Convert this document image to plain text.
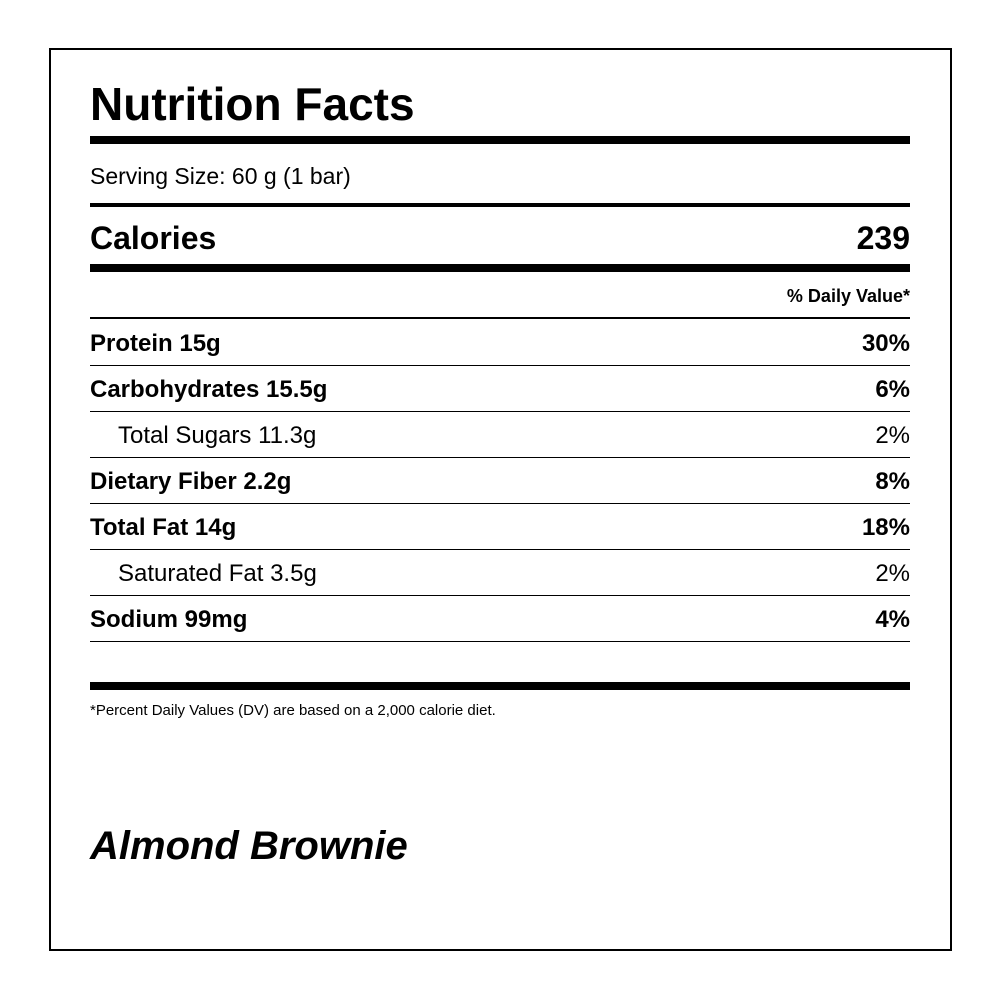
Nutrition Facts
Serving Size: 60 g (1 bar)
Calories	239
% Daily Value*
Protein 15g	30%
Carbohydrates 15.5g	6%
Total Sugars 11.3g	2%
Dietary Fiber 2.2g	8%
Total Fat 14g	18%
Saturated Fat 3.5g	2%
Sodium 99mg	4%
*Percent Daily Values (DV) are based on a 2,000 calorie diet.
Almond Brownie
